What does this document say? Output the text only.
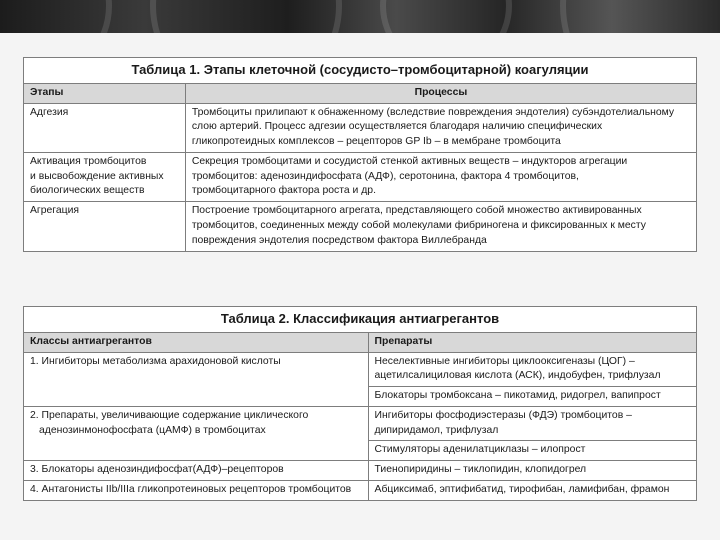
Таблица 1. Этапы клеточной (сосудисто–тромбоцитарной) коагуляции	
Этапы	Процессы

Адгезия	Тромбоциты прилипают к обнаженному (вследствие повреждения эндотелия) субэндотелиальному
слою артерий. Процесс адгезии осуществляется благодаря наличию специфических
гликопротеидных комплексов – рецепторов GP Ib – в мембране тромбоцита

Активация тромбоцитов
и высвобождение активных
биологических веществ	Секреция тромбоцитами и сосудистой стенкой активных веществ – индукторов агрегации
тромбоцитов: аденозиндифосфата (АДФ), серотонина, фактора 4 тромбоцитов,
тромбоцитарного фактора роста и др.

Агрегация	Построение тромбоцитарного агрегата, представляющего собой множество активированных
тромбоцитов, соединенных между собой молекулами фибриногена и фиксированных к месту
повреждения эндотелия посредством фактора Виллебранда
Таблица 2. Классификация антиагрегантов	
Классы антиагрегантов	Препараты

1. Ингибиторы метаболизма арахидоновой кислоты	Неселективные ингибиторы циклооксигеназы (ЦОГ) –
ацетилсалициловая кислота (АСК), индобуфен, трифлузал

	Блокаторы тромбоксана – пикотамид, ридогрел, вапипрост

2. Препараты, увеличивающие содержание циклического
аденозинмонофосфата (цАМФ) в тромбоцитах	Ингибиторы фосфодиэстеразы (ФДЭ) тромбоцитов –
дипиридамол, трифлузал

	Стимуляторы аденилатциклазы – илопрост

3. Блокаторы аденозиндифосфат(АДФ)–рецепторов	Тиенопиридины – тиклопидин, клопидогрел

4. Антагонисты IIb/IIIa гликопротеиновых рецепторов тромбоцитов	Абциксимаб, эптифибатид, тирофибан, ламифибан, фрамон
